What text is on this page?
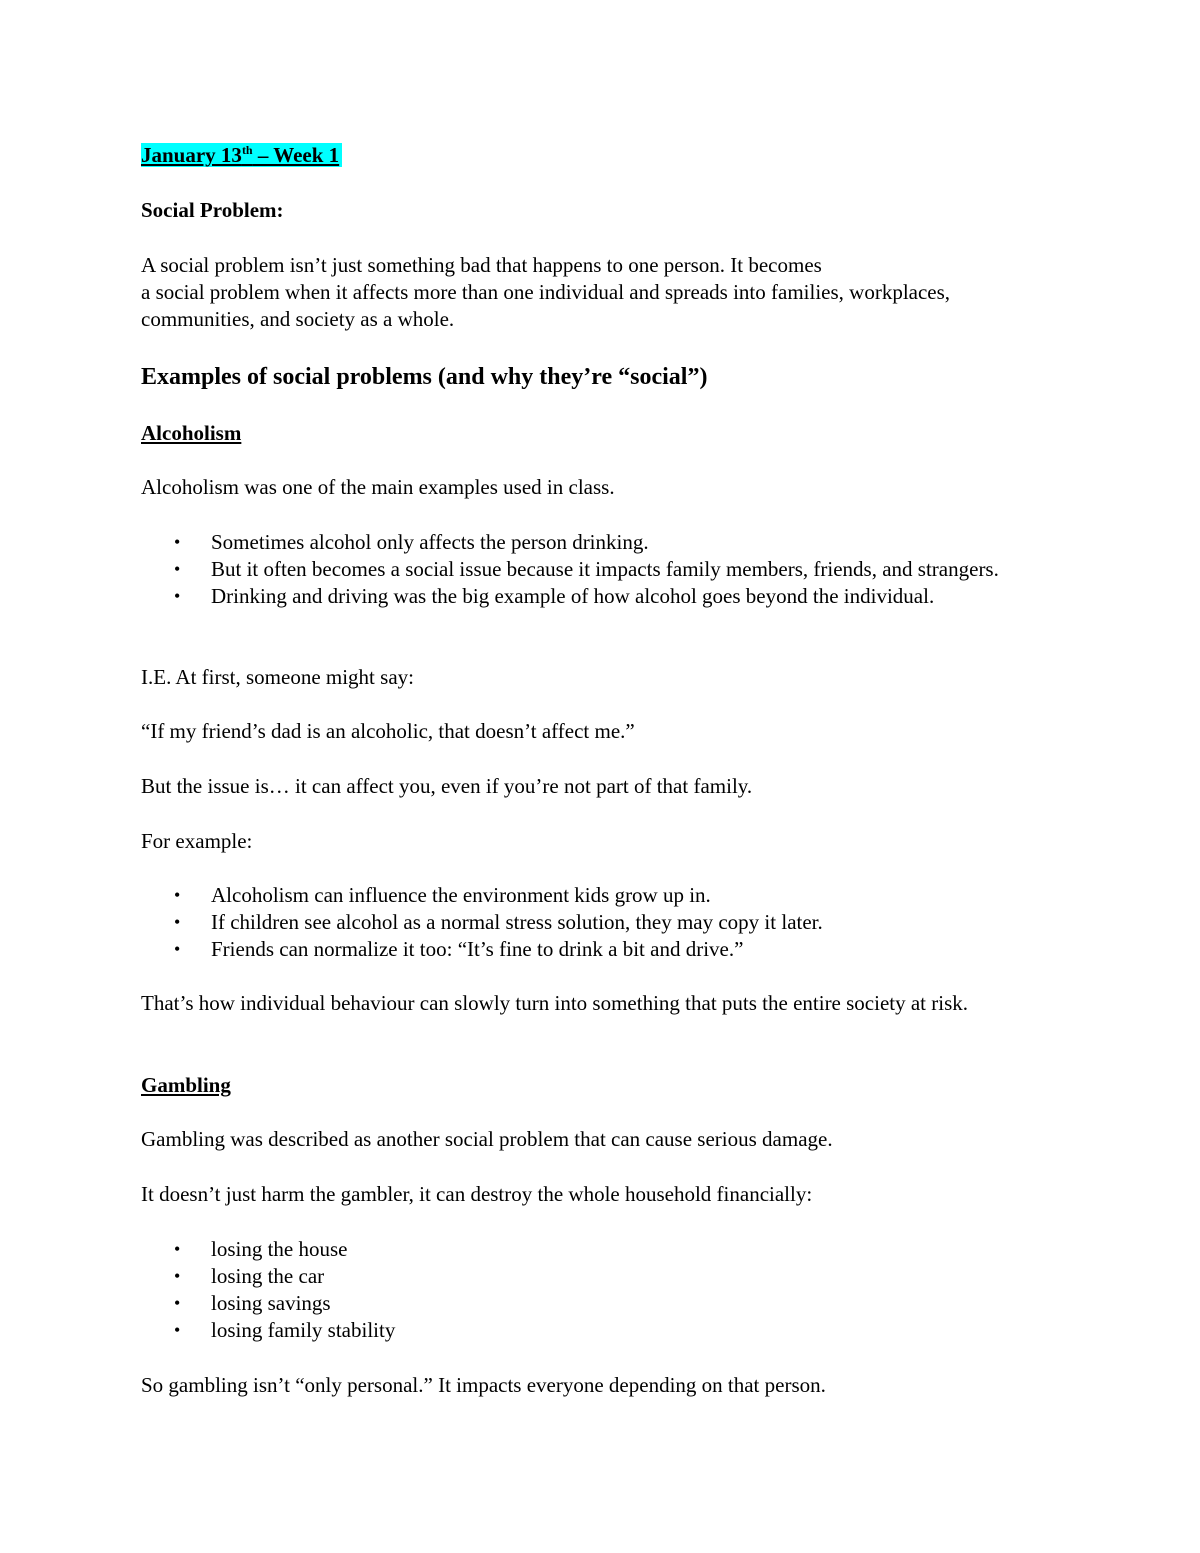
January 13th – Week 1
Social Problem:
A social problem isn’t just something bad that happens to one person. It becomes
a social problem when it affects more than one individual and spreads into families, workplaces,
communities, and society as a whole.
Examples of social problems (and why they’re “social”)
Alcoholism
Alcoholism was one of the main examples used in class.
• Sometimes alcohol only affects the person drinking.
• But it often becomes a social issue because it impacts family members, friends, and strangers.
• Drinking and driving was the big example of how alcohol goes beyond the individual.
I.E. At first, someone might say:
“If my friend’s dad is an alcoholic, that doesn’t affect me.”
But the issue is… it can affect you, even if you’re not part of that family.
For example:
• Alcoholism can influence the environment kids grow up in.
• If children see alcohol as a normal stress solution, they may copy it later.
• Friends can normalize it too: “It’s fine to drink a bit and drive.”
That’s how individual behaviour can slowly turn into something that puts the entire society at risk.
Gambling
Gambling was described as another social problem that can cause serious damage.
It doesn’t just harm the gambler, it can destroy the whole household financially:
• losing the house
• losing the car
• losing savings
• losing family stability
So gambling isn’t “only personal.” It impacts everyone depending on that person.
